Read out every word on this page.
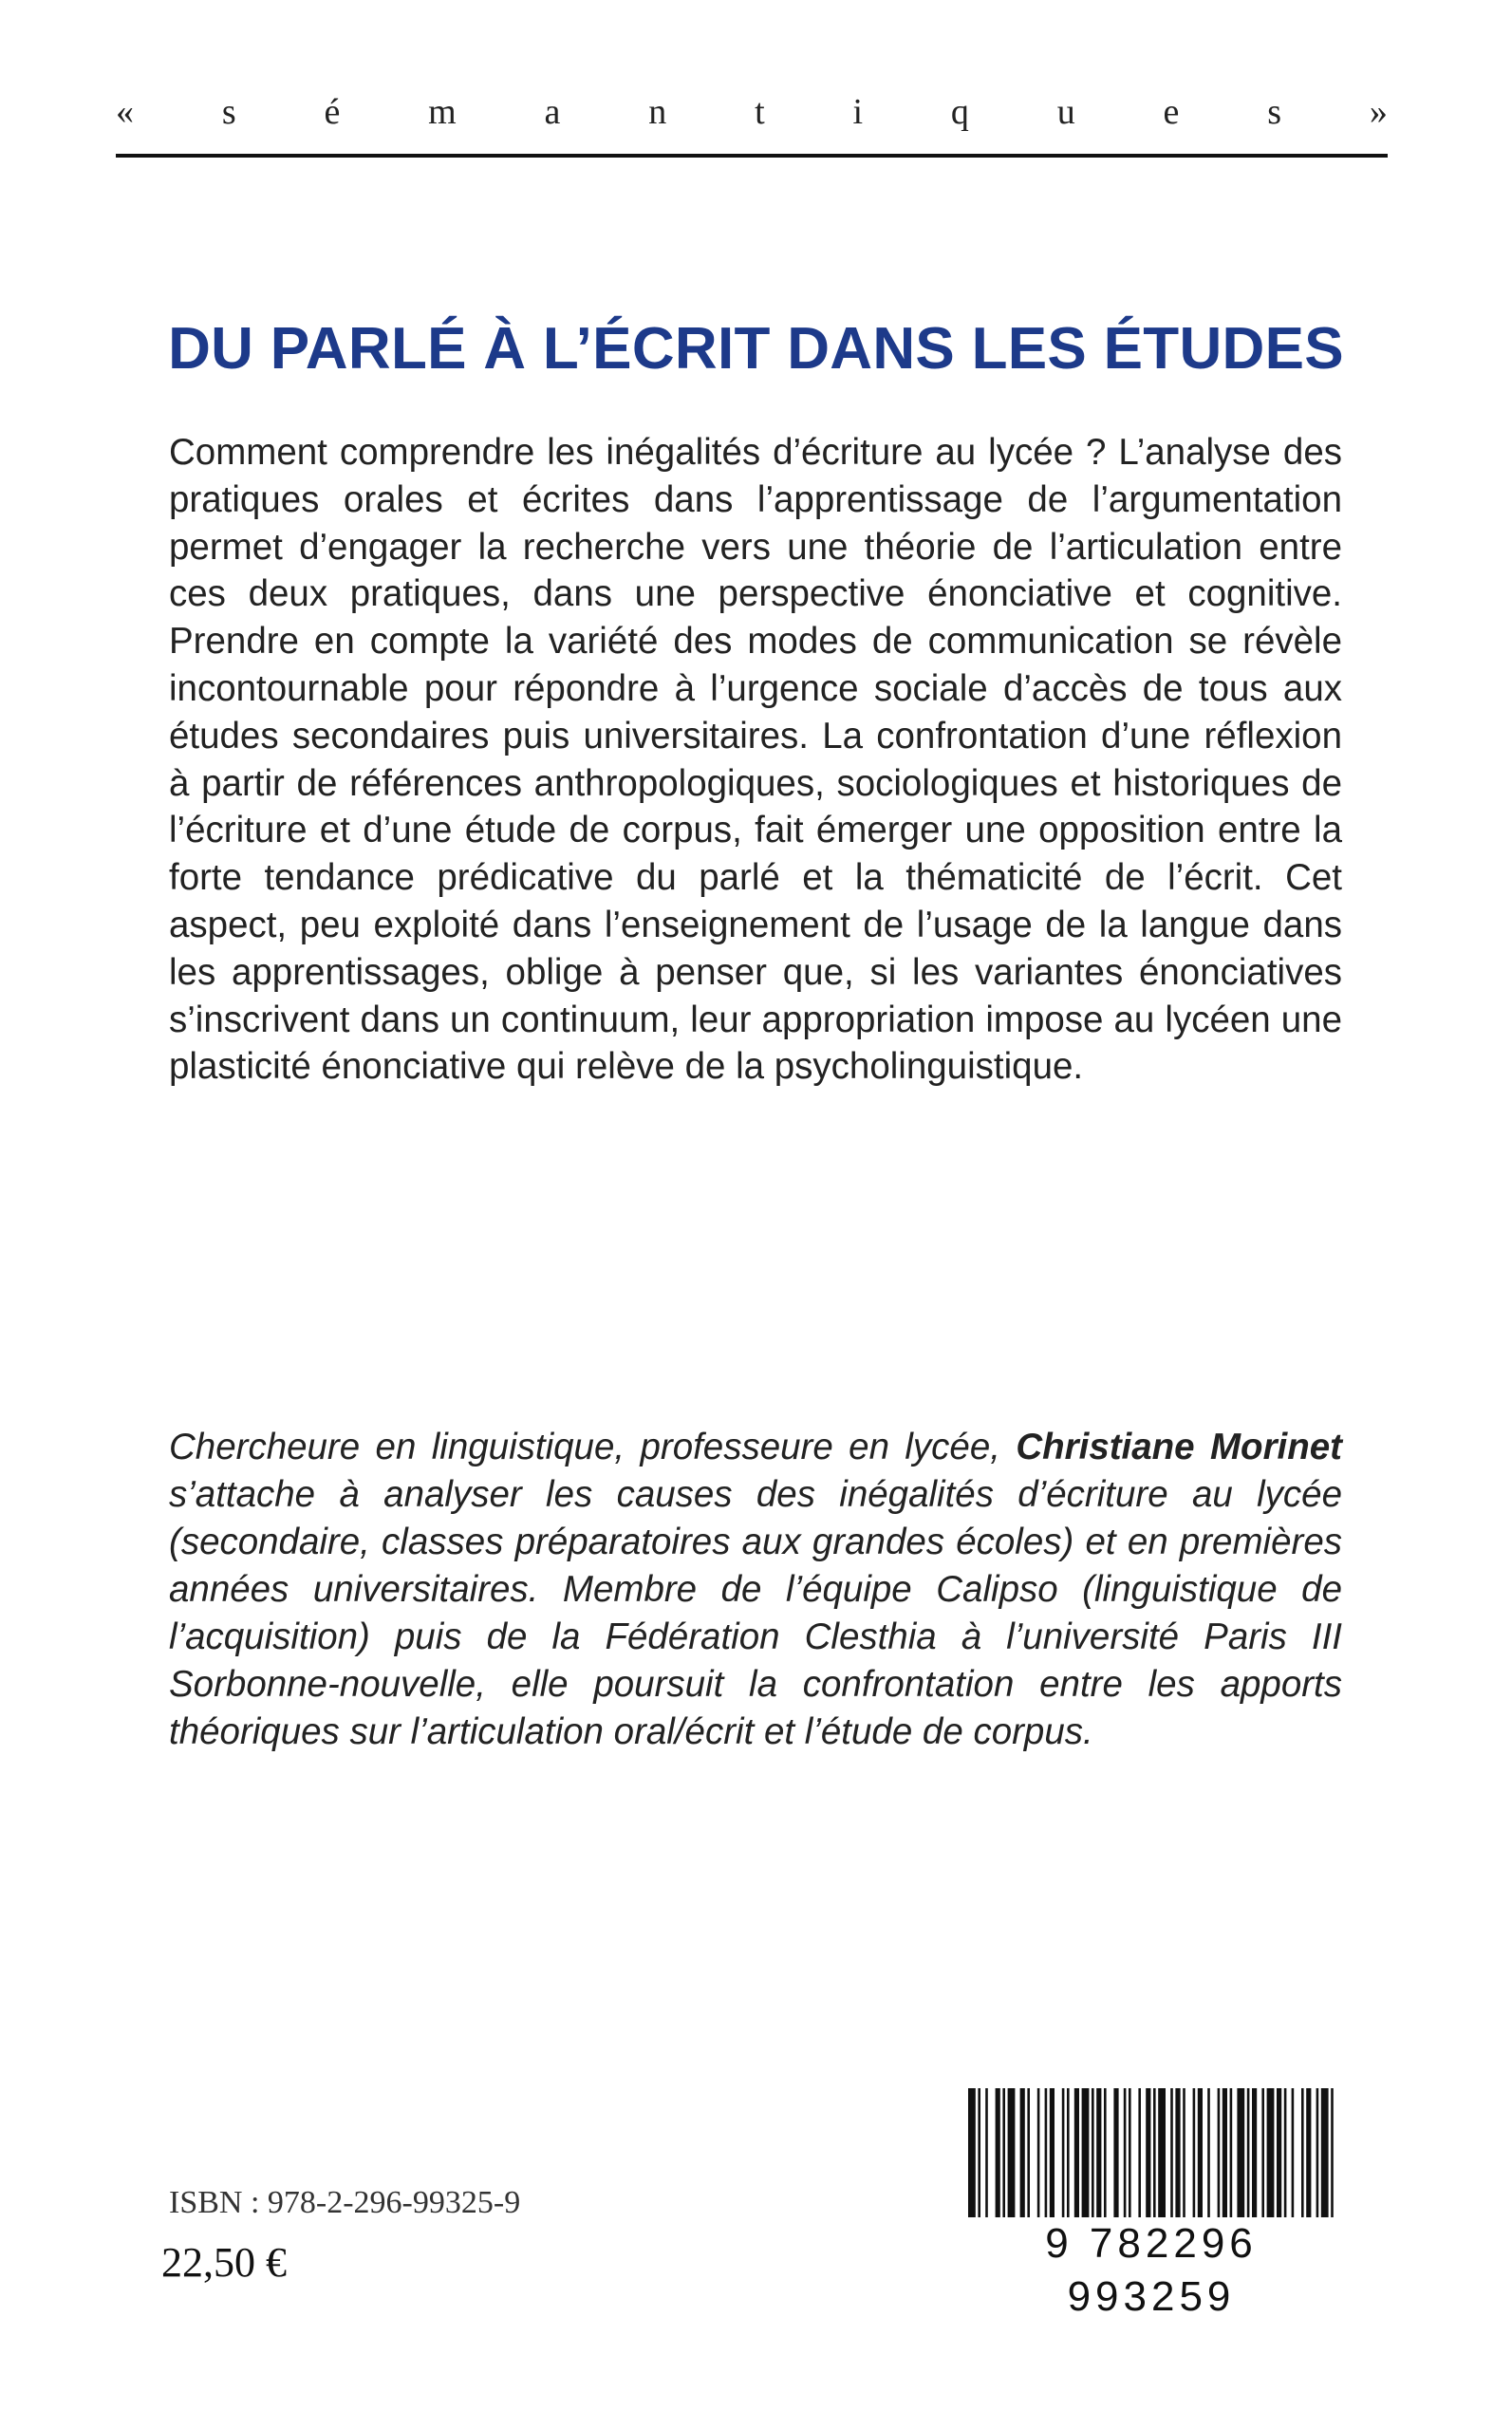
« s é m a n t i q u e s »
DU PARLÉ À L’ÉCRIT DANS LES ÉTUDES

Comment comprendre les inégalités d’écriture au lycée ? L’analyse des pratiques orales et écrites dans l’apprentissage de l’argumentation permet d’engager la recherche vers une théorie de l’articulation entre ces deux pratiques, dans une perspective énonciative et cognitive. Prendre en compte la variété des modes de communication se révèle incontournable pour répondre à l’urgence sociale d’accès de tous aux études secondaires puis universitaires. La confrontation d’une réflexion à partir de références anthropologiques, sociologiques et historiques de l’écriture et d’une étude de corpus, fait émerger une opposition entre la forte tendance prédicative du parlé et la thématicité de l’écrit. Cet aspect, peu exploité dans l’enseignement de l’usage de la langue dans les apprentissages, oblige à penser que, si les variantes énonciatives s’inscrivent dans un continuum, leur appropriation impose au lycéen une plasticité énonciative qui relève de la psycholinguistique.

Chercheure en linguistique, professeure en lycée, Christiane Morinet s’attache à analyser les causes des inégalités d’écriture au lycée (secondaire, classes préparatoires aux grandes écoles) et en premières années universitaires. Membre de l’équipe Calipso (linguistique de l’acquisition) puis de la Fédération Clesthia à l’université Paris III Sorbonne-nouvelle, elle poursuit la confrontation entre les apports théoriques sur l’articulation oral/écrit et l’étude de corpus.

ISBN : 978-2-296-99325-9
22,50 €	9 782296 993259
